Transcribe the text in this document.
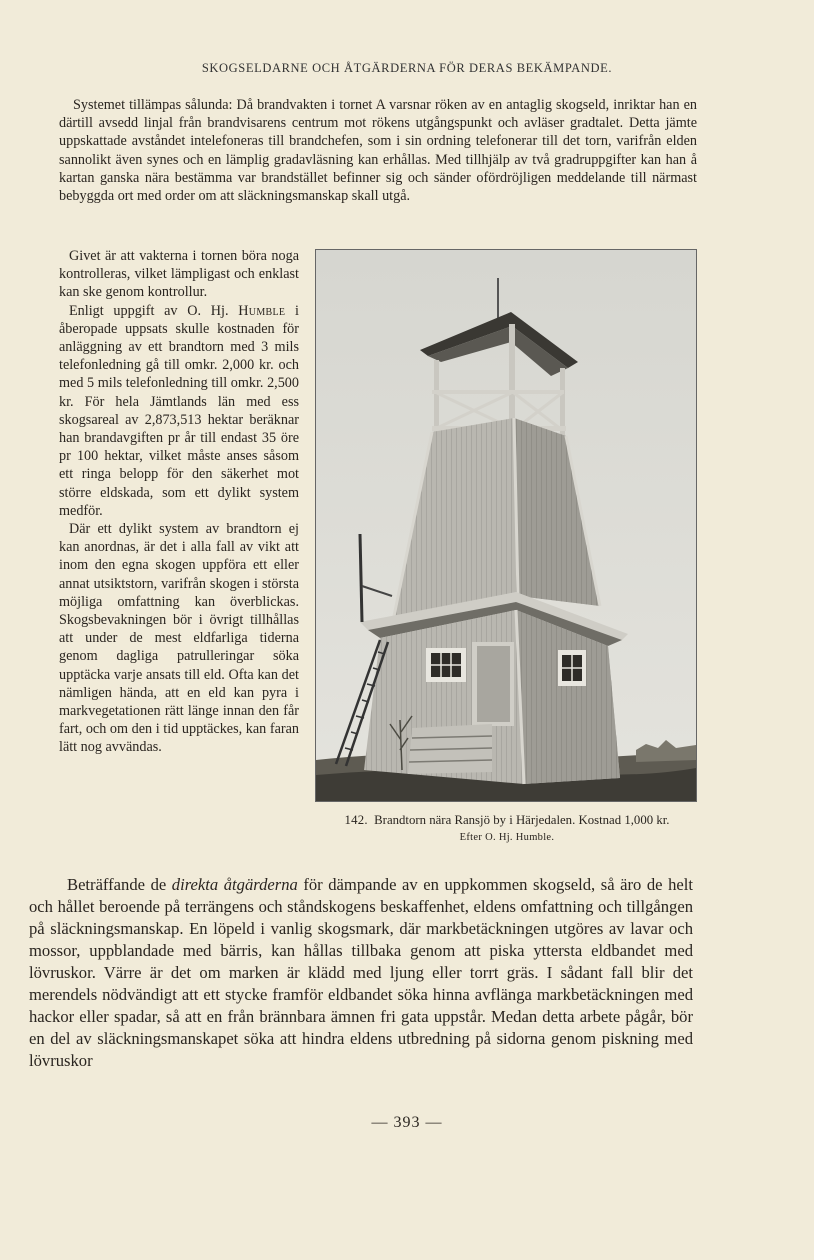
SKOGSELDARNE OCH ÅTGÄRDERNA FÖR DERAS BEKÄMPANDE.

Systemet tillämpas sålunda: Då brandvakten i tornet A varsnar röken av en antaglig skogseld, inriktar han en därtill avsedd linjal från brandvisarens centrum mot rökens utgångspunkt och avläser gradtalet. Detta jämte uppskattade avståndet intelefoneras till brandchefen, som i sin ordning telefonerar till det torn, varifrån elden sannolikt även synes och en lämplig gradavläsning kan erhållas. Med tillhjälp av två gradruppgifter kan han å kartan ganska nära bestämma var brandstället befinner sig och sänder ofördröjligen meddelande till närmast bebyggda ort med order om att släckningsmanskap skall utgå.

Givet är att vakterna i tornen böra noga kontrolleras, vilket lämpligast och enklast kan ske genom kontrollur.

Enligt uppgift av O. Hj. Humble i åberopade uppsats skulle kostnaden för anläggning av ett brandtorn med 3 mils telefonledning gå till omkr. 2,000 kr. och med 5 mils telefonledning till omkr. 2,500 kr. För hela Jämtlands län med ess skogsareal av 2,873,513 hektar beräknar han brandavgiften pr år till endast 35 öre pr 100 hektar, vilket måste anses såsom ett ringa belopp för den säkerhet mot större eldskada, som ett dylikt system medför.

Där ett dylikt system av brandtorn ej kan anordnas, är det i alla fall av vikt att inom den egna skogen uppföra ett eller annat utsiktstorn, varifrån skogen i största möjliga omfattning kan överblickas. Skogsbevakningen bör i övrigt tillhållas att under de mest eldfarliga tiderna genom dagliga patrulleringar söka upptäcka varje ansats till eld. Ofta kan det nämligen hända, att en eld kan pyra i markvegetationen rätt länge innan den får fart, och om den i tid upptäckes, kan faran lätt nog avvändas.

142. Brandtorn nära Ransjö by i Härjedalen. Kostnad 1,000 kr.
Efter O. Hj. Humble.

Beträffande de direkta åtgärderna för dämpande av en uppkommen skogseld, så äro de helt och hållet beroende på terrängens och ståndskogens beskaffenhet, eldens omfattning och tillgången på släckningsmanskap. En löpeld i vanlig skogsmark, där markbetäckningen utgöres av lavar och mossor, uppblandade med bärris, kan hållas tillbaka genom att piska yttersta eldbandet med lövruskor. Värre är det om marken är klädd med ljung eller torrt gräs. I sådant fall blir det merendels nödvändigt att ett stycke framför eldbandet söka hinna avflänga markbetäckningen med hackor eller spadar, så att en från brännbara ämnen fri gata uppstår. Medan detta arbete pågår, bör en del av släckningsmanskapet söka att hindra eldens utbredning på sidorna genom piskning med lövruskor

— 393 —
